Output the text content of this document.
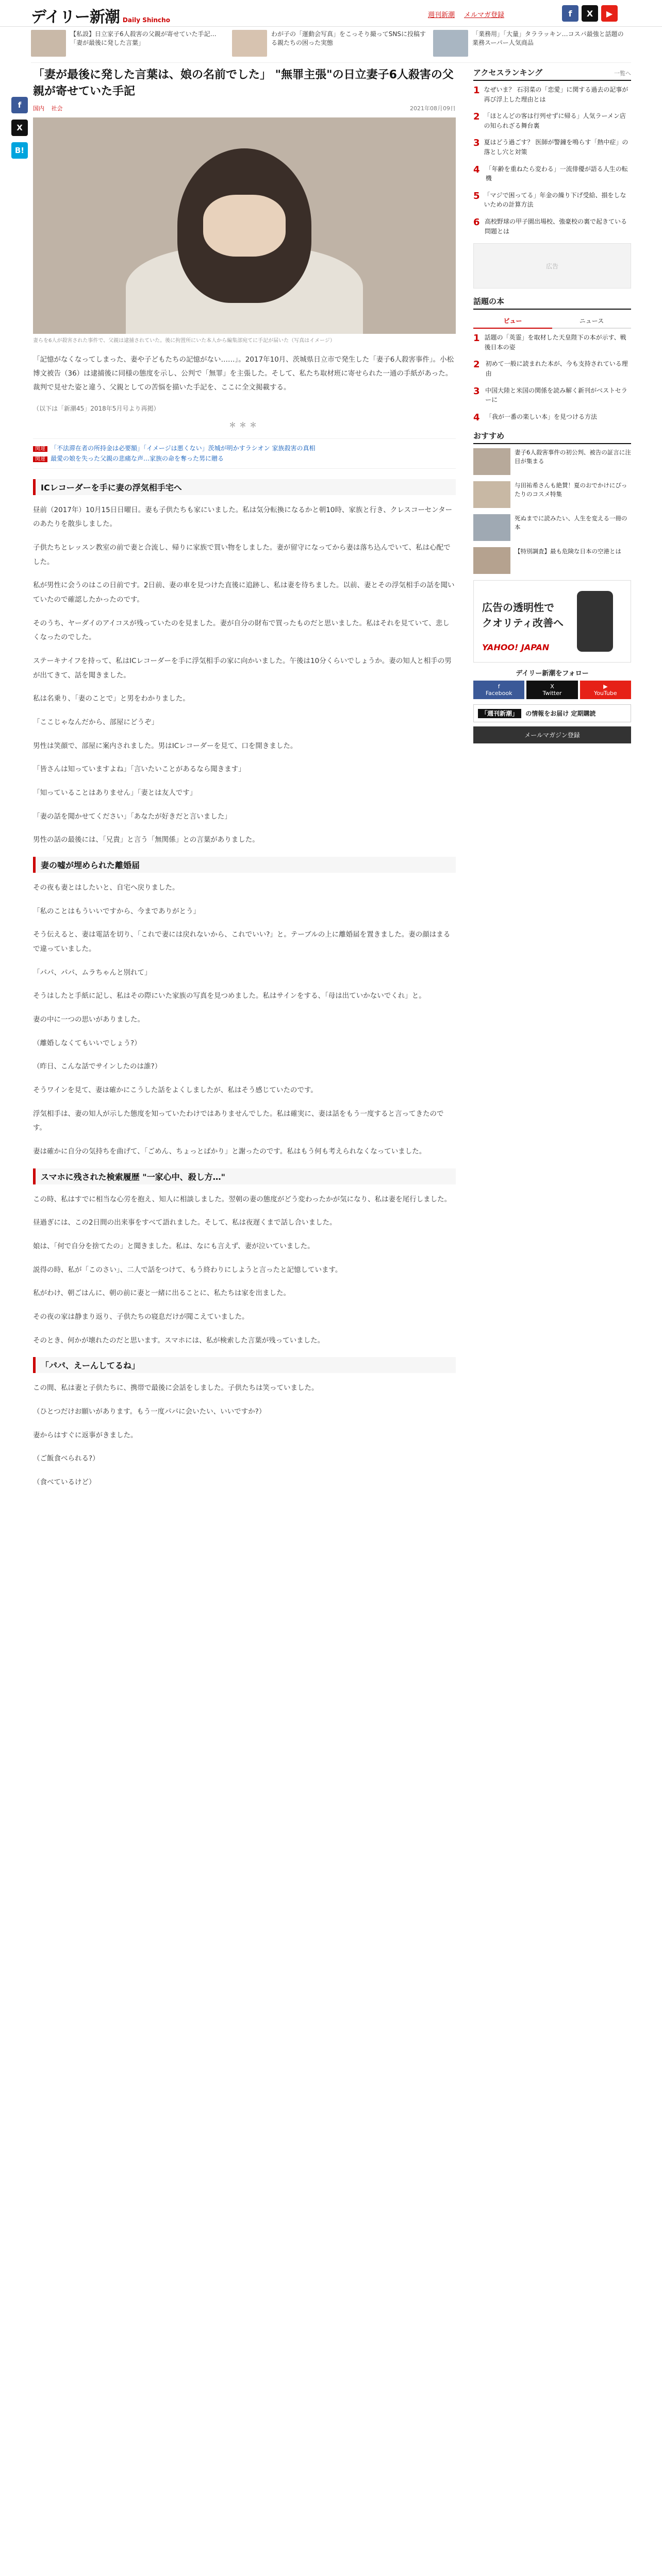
デイリー新潮 Daily Shincho
週刊新潮 メルマガ登録	f	X	▶
【私設】日立家子6人殺害の父親が寄せていた手記…「妻が最後に発した言葉」
わが子の「運動会写真」をこっそり撮ってSNSに投稿する親たちの困った実態
「業務用」「大量」タララッキン…コスパ最強と話題の業務スーパー人気商品
f
X
B!
「妻が最後に発した言葉は、娘の名前でした」 "無罪主張"の日立妻子6人殺害の父親が寄せていた手記
国内 社会	2021年08月09日
妻らを6人が殺害された事件で、父親は逮捕されていた。後に拘置所にいた本人から編集部宛てに手記が届いた（写真はイメージ）

「記憶がなくなってしまった、妻や子どもたちの記憶がない……」。2017年10月、茨城県日立市で発生した「妻子6人殺害事件」。小松博文被告（36）は逮捕後に同様の態度を示し、公判で「無罪」を主張した。そして、私たち取材班に寄せられた一通の手紙があった。裁判で見せた姿と違う、父親としての苦悩を描いた手記を、ここに全文掲載する。

（以下は「新潮45」2018年5月号より再掲）

＊＊＊
関連 「不法滞在者の所持金は必要額」「イメージは悪くない」茨城が明かすラシオン 家族殺害の真相
関連 最愛の娘を失った父親の悲痛な声…家族の命を奪った男に贈る
ICレコーダーを手に妻の浮気相手宅へ

昼前（2017年）10月15日日曜日。妻も子供たちも家にいました。私は気分転換になるかと朝10時、家族と行き、クレスコーセンターのあたりを散歩しました。

子供たちとレッスン教室の前で妻と合流し、帰りに家族で買い物をしました。妻が留守になってから妻は落ち込んでいて、私は心配でした。

私が男性に会うのはこの日前です。2日前、妻の車を見つけた直後に追跡し、私は妻を待ちました。以前、妻とその浮気相手の話を聞いていたので確認したかったのです。

そのうち、ヤーダイのアイコスが残っていたのを見ました。妻が自分の財布で買ったものだと思いました。私はそれを見ていて、悲しくなったのでした。

ステーキナイフを持って、私はICレコーダーを手に浮気相手の家に向かいました。午後は10分くらいでしょうか。妻の知人と相手の男が出てきて、話を聞きました。

私は名乗り、「妻のことで」と男をわかりました。

「ここじゃなんだから、部屋にどうぞ」

男性は笑顔で、部屋に案内されました。男はICレコーダーを見て、口を開きました。

「皆さんは知っていますよね」「言いたいことがあるなら聞きます」

「知っていることはありません」「妻とは友人です」

「妻の話を聞かせてください」「あなたが好きだと言いました」

男性の話の最後には、「兄貴」と言う「無関係」との言葉がありました。

妻の嘘が埋められた離婚届

その夜も妻とはしたいと、自宅へ戻りました。

「私のことはもういいですから、今までありがとう」

そう伝えると、妻は電話を切り、「これで妻には戻れないから、これでいい?」と。テーブルの上に離婚届を置きました。妻の顔はまるで違っていました。

「パパ、パパ、ムラちゃんと別れて」

そうはしたと手紙に記し、私はその際にいた家族の写真を見つめました。私はサインをする、「母は出ていかないでくれ」と。

妻の中に一つの思いがありました。

（離婚しなくてもいいでしょう?）

（昨日、こんな話でサインしたのは誰?）

そうワインを見て、妻は確かにこうした話をよくしましたが、私はそう感じていたのです。

浮気相手は、妻の知人が示した態度を知っていたわけではありませんでした。私は確実に、妻は話をもう一度すると言ってきたのです。

妻は確かに自分の気持ちを曲げて、「ごめん、ちょっとばかり」と謝ったのです。私はもう何も考えられなくなっていました。

スマホに残された検索履歴 "一家心中、殺し方…"

この時、私はすでに相当な心労を抱え、知人に相談しました。翌朝の妻の態度がどう変わったかが気になり、私は妻を尾行しました。

昼過ぎには、この2日間の出来事をすべて語れました。そして、私は夜遅くまで話し合いました。

娘は、「何で自分を捨てたの」と聞きました。私は、なにも言えず、妻が泣いていました。

説得の時、私が「このさい」、二人で話をつけて、もう終わりにしようと言ったと記憶しています。

私がわけ、朝ごはんに、朝の前に妻と一緒に出ることに、私たちは家を出ました。

その夜の家は静まり返り、子供たちの寝息だけが聞こえていました。

そのとき、何かが壊れたのだと思います。スマホには、私が検索した言葉が残っていました。

「パパ、えーんしてるね」

この間、私は妻と子供たちに、携帯で最後に会話をしました。子供たちは笑っていました。

（ひとつだけお願いがあります。もう一度パパに会いたい、いいですか?）

妻からはすぐに返事がきました。

（ご飯食べられる?）

（食べているけど）

アクセスランキング	一覧へ
1 なぜいま？ 石羽菜の「恋愛」に関する過去の記事が再び浮上した理由とは
2 「ほとんどの客は行列せずに帰る」人気ラーメン店の知られざる舞台裏
3 夏はどう過ごす？ 医師が警鐘を鳴らす「熱中症」の落とし穴と対策
4 「年齢を重ねたら変わる」一流俳優が語る人生の転機
5 「マジで困ってる」年金の繰り下げ受給、損をしないための計算方法
6 高校野球の甲子園出場校、強豪校の裏で起きている問題とは
広告
話題の本
ビュー	ニュース
1 話題の「英霊」を取材した天皇陛下の本が示す、戦後日本の姿
2 初めて一般に読まれた本が、今も支持されている理由
3 中国大陸と米国の関係を読み解く新刊がベストセラーに
4 「我が一番の楽しい本」を見つける方法
おすすめ
妻子6人殺害事件の初公判、被告の証言に注目が集まる
与田祐希さんも絶賛！夏のおでかけにぴったりのコスメ特集
死ぬまでに読みたい、人生を変える一冊の本
【特別調査】最も危険な日本の空港とは
広告の透明性で
クオリティ改善へ
YAHOO! JAPAN
デイリー新潮をフォロー
f
Facebook
X
Twitter
▶
YouTube
「週刊新潮」 の情報をお届け 定期購読
メールマガジン登録
